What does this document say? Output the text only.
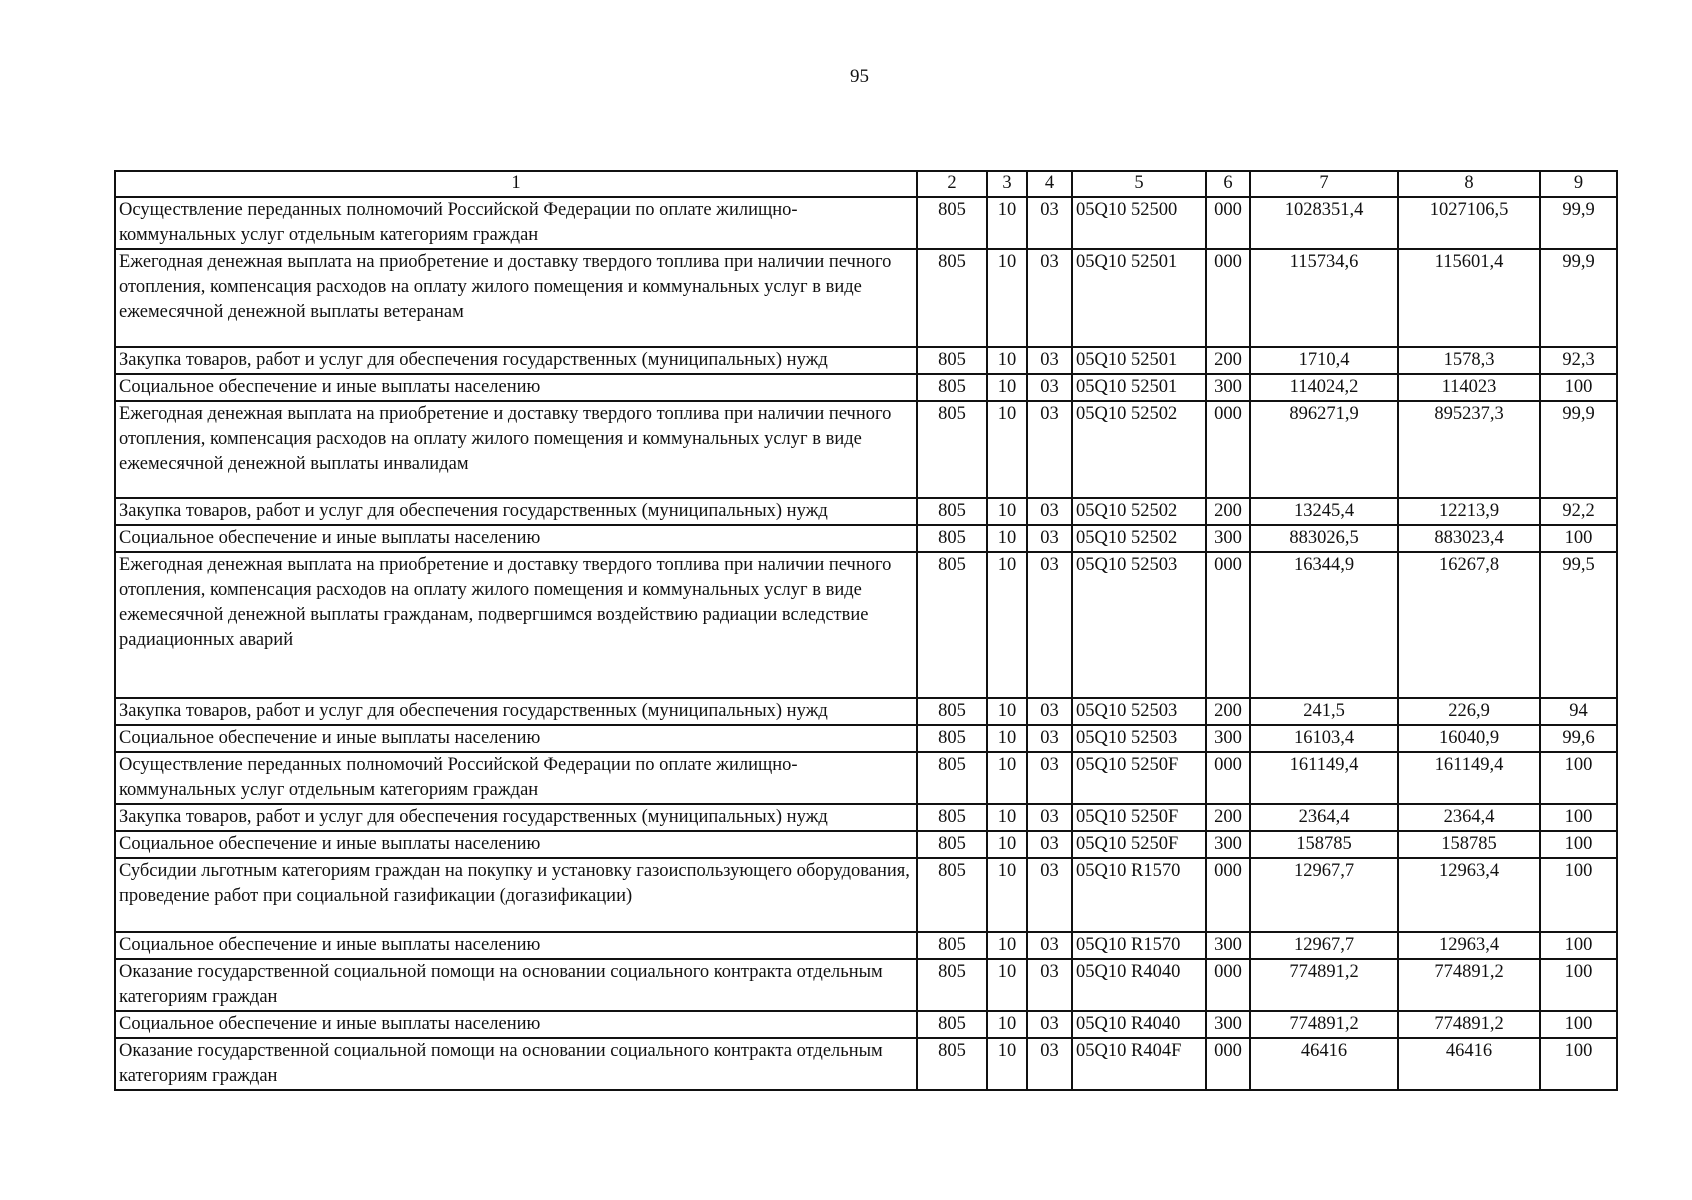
95
1	2	3	4	5	6	7	8	9
Осуществление переданных полномочий Российской Федерации по оплате жилищно-коммунальных услуг отдельным категориям граждан	805	10	03	05Q10 52500	000	1028351,4	1027106,5	99,9
Ежегодная денежная выплата на приобретение и доставку твердого топлива при наличии печного отопления, компенсация расходов на оплату жилого помещения и коммунальных услуг в виде ежемесячной денежной выплаты ветеранам	805	10	03	05Q10 52501	000	115734,6	115601,4	99,9
Закупка товаров, работ и услуг для обеспечения государственных (муниципальных) нужд	805	10	03	05Q10 52501	200	1710,4	1578,3	92,3
Социальное обеспечение и иные выплаты населению	805	10	03	05Q10 52501	300	114024,2	114023	100
Ежегодная денежная выплата на приобретение и доставку твердого топлива при наличии печного отопления, компенсация расходов на оплату жилого помещения и коммунальных услуг в виде ежемесячной денежной выплаты инвалидам	805	10	03	05Q10 52502	000	896271,9	895237,3	99,9
Закупка товаров, работ и услуг для обеспечения государственных (муниципальных) нужд	805	10	03	05Q10 52502	200	13245,4	12213,9	92,2
Социальное обеспечение и иные выплаты населению	805	10	03	05Q10 52502	300	883026,5	883023,4	100
Ежегодная денежная выплата на приобретение и доставку твердого топлива при наличии печного отопления, компенсация расходов на оплату жилого помещения и коммунальных услуг в виде ежемесячной денежной выплаты гражданам, подвергшимся воздействию радиации вследствие радиационных аварий	805	10	03	05Q10 52503	000	16344,9	16267,8	99,5
Закупка товаров, работ и услуг для обеспечения государственных (муниципальных) нужд	805	10	03	05Q10 52503	200	241,5	226,9	94
Социальное обеспечение и иные выплаты населению	805	10	03	05Q10 52503	300	16103,4	16040,9	99,6
Осуществление переданных полномочий Российской Федерации по оплате жилищно-коммунальных услуг отдельным категориям граждан	805	10	03	05Q10 5250F	000	161149,4	161149,4	100
Закупка товаров, работ и услуг для обеспечения государственных (муниципальных) нужд	805	10	03	05Q10 5250F	200	2364,4	2364,4	100
Социальное обеспечение и иные выплаты населению	805	10	03	05Q10 5250F	300	158785	158785	100
Субсидии льготным категориям граждан на покупку и установку газоиспользующего оборудования, проведение работ при социальной газификации (догазификации)	805	10	03	05Q10 R1570	000	12967,7	12963,4	100
Социальное обеспечение и иные выплаты населению	805	10	03	05Q10 R1570	300	12967,7	12963,4	100
Оказание государственной социальной помощи на основании социального контракта отдельным категориям граждан	805	10	03	05Q10 R4040	000	774891,2	774891,2	100
Социальное обеспечение и иные выплаты населению	805	10	03	05Q10 R4040	300	774891,2	774891,2	100
Оказание государственной социальной помощи на основании социального контракта отдельным категориям граждан	805	10	03	05Q10 R404F	000	46416	46416	100
